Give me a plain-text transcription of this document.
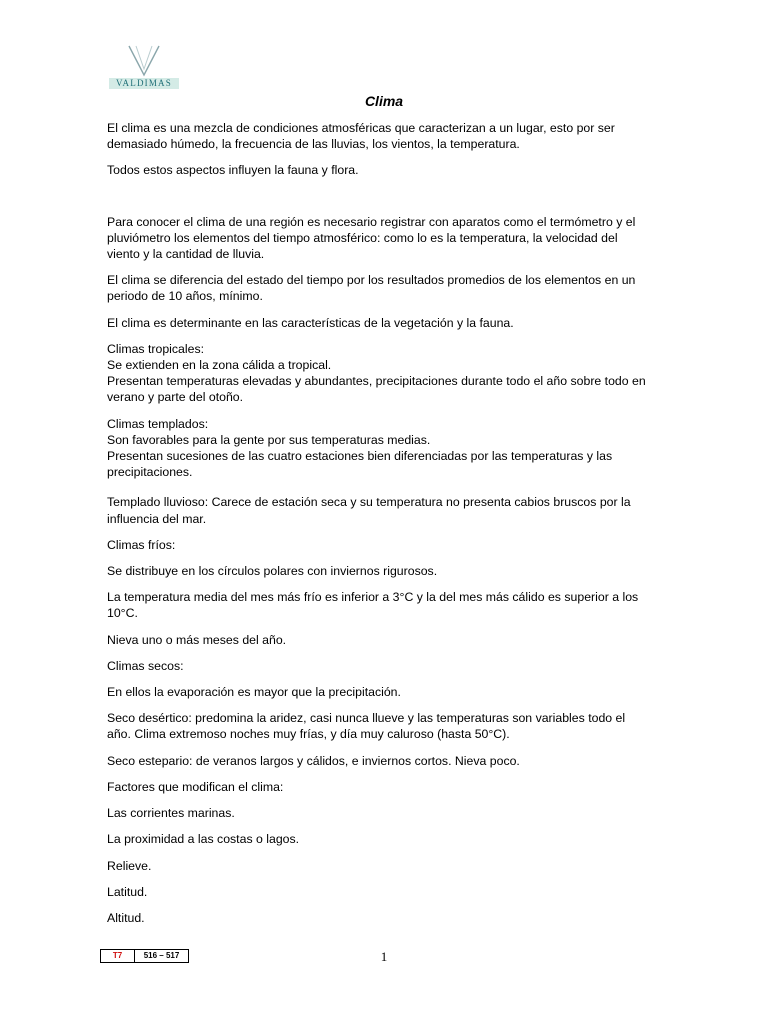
VALDIMAS
Clima

El clima es una mezcla de condiciones atmosféricas que caracterizan a un lugar, esto por ser
demasiado húmedo, la frecuencia de las lluvias, los vientos, la temperatura.

Todos estos aspectos influyen la fauna y flora.

Para conocer el clima de una región es necesario registrar con aparatos como el termómetro y el
pluviómetro los elementos del tiempo atmosférico: como lo es la temperatura, la velocidad del
viento y la cantidad de lluvia.

El clima se diferencia del estado del tiempo por los resultados promedios de los elementos en un
periodo de 10 años, mínimo.

El clima es determinante en las características de la vegetación y la fauna.

Climas tropicales:
Se extienden en la zona cálida a tropical.
Presentan temperaturas elevadas y abundantes, precipitaciones durante todo el año sobre todo en
verano y parte del otoño.

Climas templados:
Son favorables para la gente por sus temperaturas medias.
Presentan sucesiones de las cuatro estaciones bien diferenciadas por las temperaturas y las
precipitaciones.

Templado lluvioso: Carece de estación seca y su temperatura no presenta cabios bruscos por la
influencia del mar.

Climas fríos:

Se distribuye en los círculos polares con inviernos rigurosos.

La temperatura media del mes más frío es inferior a 3°C y la del mes más cálido es superior a los
10°C.

Nieva uno o más meses del año.

Climas secos:

En ellos la evaporación es mayor que la precipitación.

Seco desértico: predomina la aridez, casi nunca llueve y las temperaturas son variables todo el
año. Clima extremoso noches muy frías, y día muy caluroso (hasta 50°C).

Seco estepario: de veranos largos y cálidos, e inviernos cortos. Nieva poco.

Factores que modifican el clima:

Las corrientes marinas.

La proximidad a las costas o lagos.

Relieve.

Latitud.

Altitud.

T7	516 – 517	1
